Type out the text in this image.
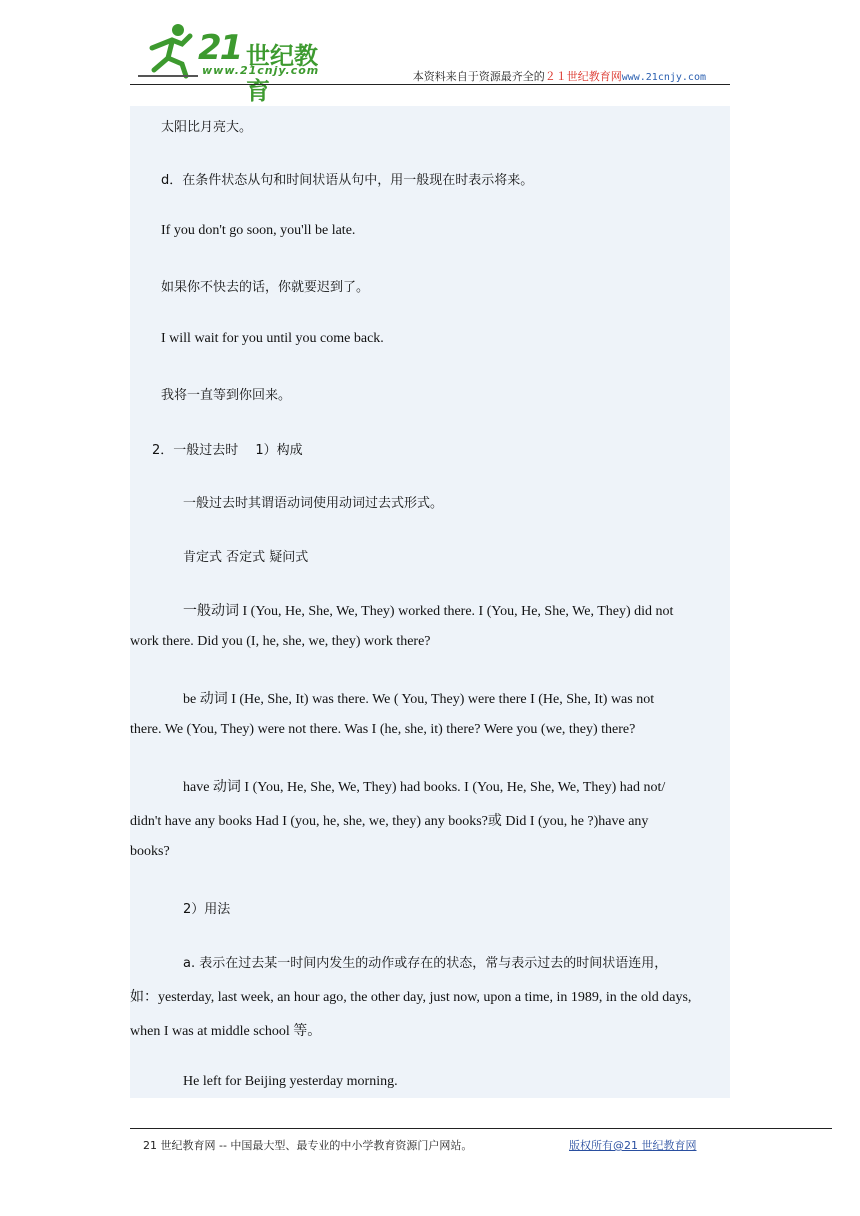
21 世纪教育
www.21cnjy.com	本资料来自于资源最齐全的２１世纪教育网www.21cnjy.com
太阳比月亮大。
d．在条件状态从句和时间状语从句中，用一般现在时表示将来。
If you don't go soon, you'll be late.
如果你不快去的话，你就要迟到了。
I will wait for you until you come back.
我将一直等到你回来。
2．一般过去时　 1）构成
一般过去时其谓语动词使用动词过去式形式。
肯定式 否定式 疑问式
一般动词 I (You, He, She, We, They) worked there. I (You, He, She, We, They) did not
work there. Did you (I, he, she, we, they) work there?
be 动词 I (He, She, It) was there. We ( You, They) were there I (He, She, It) was not
there. We (You, They) were not there. Was I (he, she, it) there? Were you (we, they) there?
have 动词 I (You, He, She, We, They) had books. I (You, He, She, We, They) had not/
didn't have any books Had I (you, he, she, we, they) any books?或 Did I (you, he ?)have any
books?
2）用法
a. 表示在过去某一时间内发生的动作或存在的状态，常与表示过去的时间状语连用，
如：yesterday, last week, an hour ago, the other day, just now, upon a time, in 1989, in the old days,
when I was at middle school 等。
He left for Beijing yesterday morning.
21 世纪教育网 -- 中国最大型、最专业的中小学教育资源门户网站。	版权所有@21 世纪教育网
